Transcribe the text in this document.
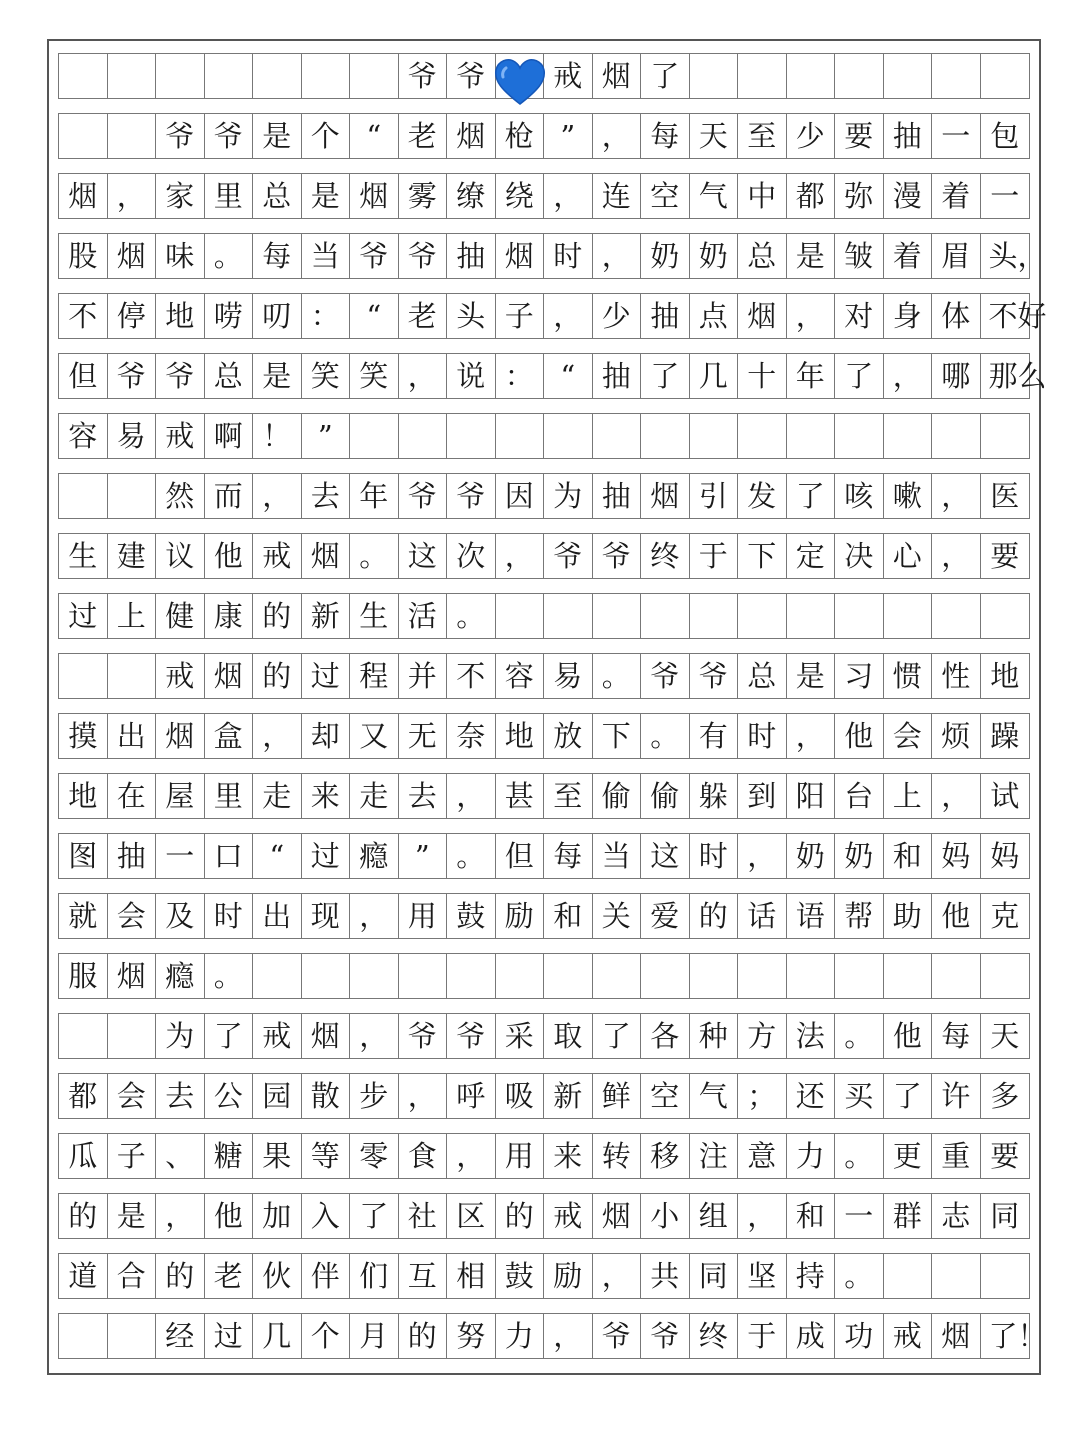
爷 爷	戒 烟 了
爷 爷 是 个 “ 老 烟 枪 ” ， 每 天 至 少 要 抽 一 包
烟 ， 家 里 总 是 烟 雾 缭 绕 ， 连 空 气 中 都 弥 漫 着 一
股 烟 味 。 每 当 爷 爷 抽 烟 时 ， 奶 奶 总 是 皱 着 眉 头，
不 停 地 唠 叨 ： “ 老 头 子 ， 少 抽 点 烟 ， 对 身 体 不好
但 爷 爷 总 是 笑 笑 ， 说 ： “ 抽 了 几 十 年 了 ， 哪 那么
容 易 戒 啊 ！ ”
然 而 ， 去 年 爷 爷 因 为 抽 烟 引 发 了 咳 嗽 ， 医
生 建 议 他 戒 烟 。 这 次 ， 爷 爷 终 于 下 定 决 心 ， 要
过 上 健 康 的 新 生 活 。
戒 烟 的 过 程 并 不 容 易 。 爷 爷 总 是 习 惯 性 地
摸 出 烟 盒 ， 却 又 无 奈 地 放 下 。 有 时 ， 他 会 烦 躁
地 在 屋 里 走 来 走 去 ， 甚 至 偷 偷 躲 到 阳 台 上 ， 试
图 抽 一 口 “ 过 瘾 ” 。 但 每 当 这 时 ， 奶 奶 和 妈 妈
就 会 及 时 出 现 ， 用 鼓 励 和 关 爱 的 话 语 帮 助 他 克
服 烟 瘾 。
为 了 戒 烟 ， 爷 爷 采 取 了 各 种 方 法 。 他 每 天
都 会 去 公 园 散 步 ， 呼 吸 新 鲜 空 气 ； 还 买 了 许 多
瓜 子 、 糖 果 等 零 食 ， 用 来 转 移 注 意 力 。 更 重 要
的 是 ， 他 加 入 了 社 区 的 戒 烟 小 组 ， 和 一 群 志 同
道 合 的 老 伙 伴 们 互 相 鼓 励 ， 共 同 坚 持 。
经 过 几 个 月 的 努 力 ， 爷 爷 终 于 成 功 戒 烟 了！
